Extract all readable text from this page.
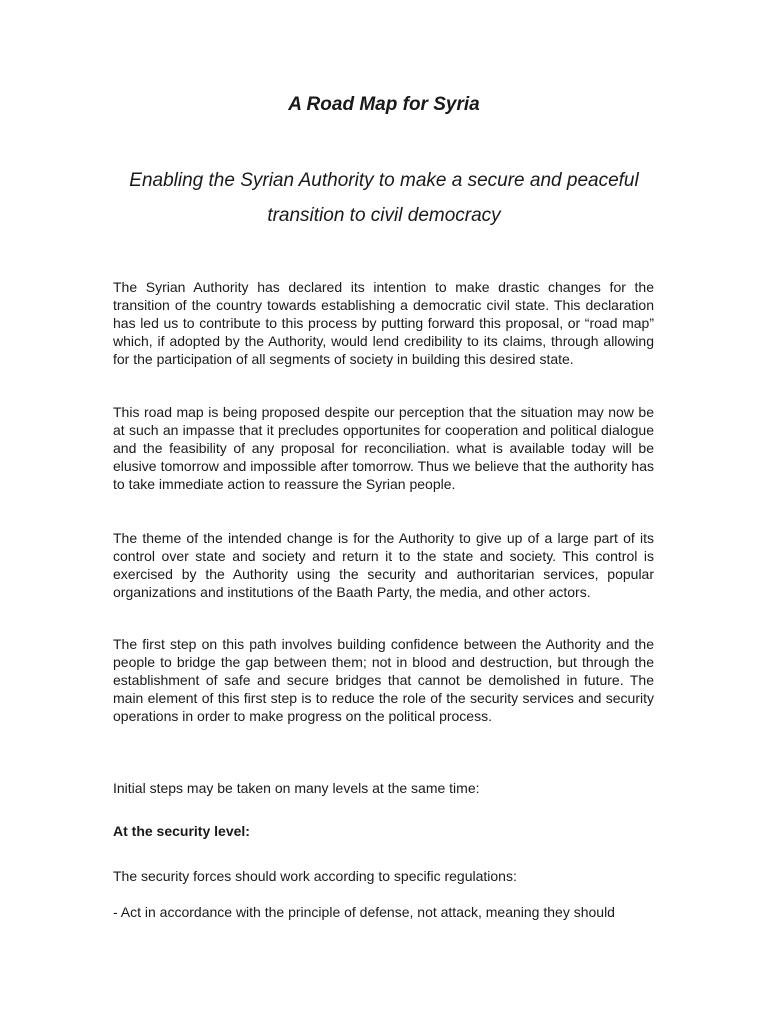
A Road Map for Syria
Enabling the Syrian Authority to make a secure and peaceful transition to civil democracy

The Syrian Authority has declared its intention to make drastic changes for the transition of the country towards establishing a democratic civil state. This declaration has led us to contribute to this process by putting forward this proposal, or “road map” which, if adopted by the Authority, would lend credibility to its claims, through allowing for the participation of all segments of society in building this desired state.

This road map is being proposed despite our perception that the situation may now be at such an impasse that it precludes opportunites for cooperation and political dialogue and the feasibility of any proposal for reconciliation. what is available today will be elusive tomorrow and impossible after tomorrow. Thus we believe that the authority has to take immediate action to reassure the Syrian people.

The theme of the intended change is for the Authority to give up of a large part of its control over state and society and return it to the state and society. This control is exercised by the Authority using the security and authoritarian services, popular organizations and institutions of the Baath Party, the media, and other actors.

The first step on this path involves building confidence between the Authority and the people to bridge the gap between them; not in blood and destruction, but through the establishment of safe and secure bridges that cannot be demolished in future. The main element of this first step is to reduce the role of the security services and security operations in order to make progress on the political process.

Initial steps may be taken on many levels at the same time:

At the security level:

The security forces should work according to specific regulations:

- Act in accordance with the principle of defense, not attack, meaning they should
